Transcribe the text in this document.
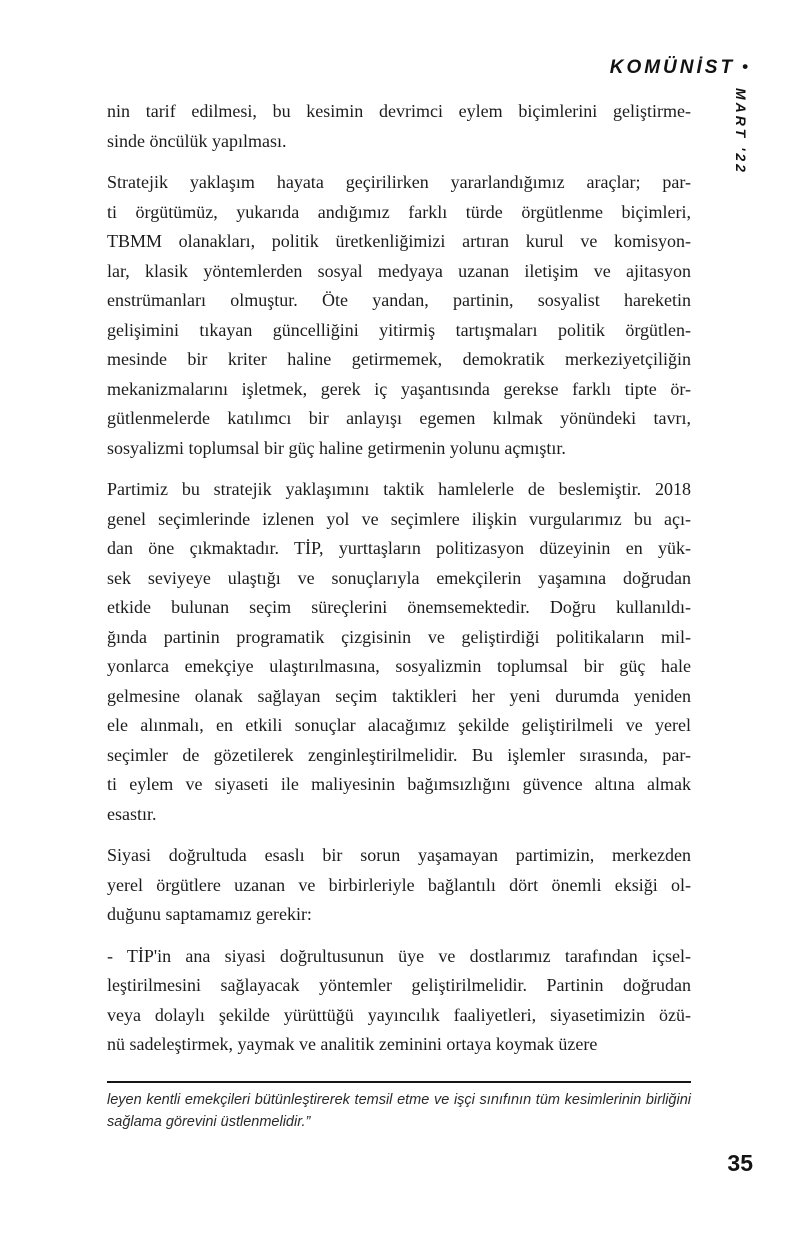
KOMÜNİST •
MART '22
nin tarif edilmesi, bu kesimin devrimci eylem biçimlerini geliştirme-
sinde öncülük yapılması.
Stratejik yaklaşım hayata geçirilirken yararlandığımız araçlar; par-
ti örgütümüz, yukarıda andığımız farklı türde örgütlenme biçimleri,
TBMM olanakları, politik üretkenliğimizi artıran kurul ve komisyon-
lar, klasik yöntemlerden sosyal medyaya uzanan iletişim ve ajitasyon
enstrümanları olmuştur. Öte yandan, partinin, sosyalist hareketin
gelişimini tıkayan güncelliğini yitirmiş tartışmaları politik örgütlen-
mesinde bir kriter haline getirmemek, demokratik merkeziyetçiliğin
mekanizmalarını işletmek, gerek iç yaşantısında gerekse farklı tipte ör-
gütlenmelerde katılımcı bir anlayışı egemen kılmak yönündeki tavrı,
sosyalizmi toplumsal bir güç haline getirmenin yolunu açmıştır.
Partimiz bu stratejik yaklaşımını taktik hamlelerle de beslemiştir. 2018
genel seçimlerinde izlenen yol ve seçimlere ilişkin vurgularımız bu açı-
dan öne çıkmaktadır. TİP, yurttaşların politizasyon düzeyinin en yük-
sek seviyeye ulaştığı ve sonuçlarıyla emekçilerin yaşamına doğrudan
etkide bulunan seçim süreçlerini önemsemektedir. Doğru kullanıldı-
ğında partinin programatik çizgisinin ve geliştirdiği politikaların mil-
yonlarca emekçiye ulaştırılmasına, sosyalizmin toplumsal bir güç hale
gelmesine olanak sağlayan seçim taktikleri her yeni durumda yeniden
ele alınmalı, en etkili sonuçlar alacağımız şekilde geliştirilmeli ve yerel
seçimler de gözetilerek zenginleştirilmelidir. Bu işlemler sırasında, par-
ti eylem ve siyaseti ile maliyesinin bağımsızlığını güvence altına almak
esastır.
Siyasi doğrultuda esaslı bir sorun yaşamayan partimizin, merkezden
yerel örgütlere uzanan ve birbirleriyle bağlantılı dört önemli eksiği ol-
duğunu saptamamız gerekir:
- TİP'in ana siyasi doğrultusunun üye ve dostlarımız tarafından içsel-
leştirilmesini sağlayacak yöntemler geliştirilmelidir. Partinin doğrudan
veya dolaylı şekilde yürüttüğü yayıncılık faaliyetleri, siyasetimizin özü-
nü sadeleştirmek, yaymak ve analitik zeminini ortaya koymak üzere
leyen kentli emekçileri bütünleştirerek temsil etme ve işçi sınıfının tüm kesimlerinin birliğini
sağlama görevini üstlenmelidir.”
35
